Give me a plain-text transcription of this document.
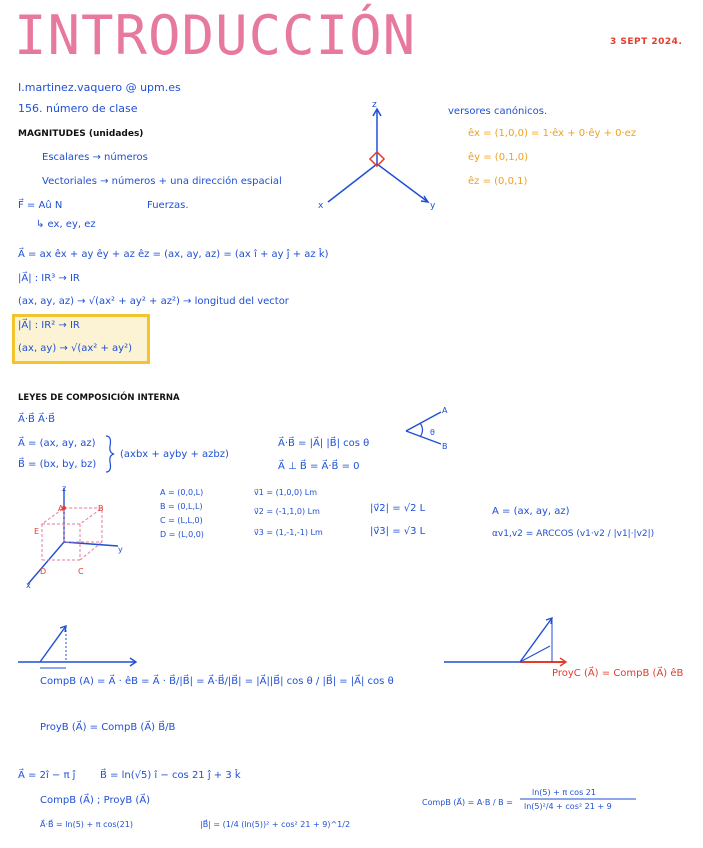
INTRODUCCIÓN	3 SEPT 2024.
I.martinez.vaquero @ upm.es
156. número de clase
MAGNITUDES (unidades)
Escalares → números
Vectoriales → números + una dirección espacial
F⃗ = Aû N	Fuerzas.
↳ ex, ey, ez
z
x	y
versores canónicos.
êx = (1,0,0) = 1·êx + 0·êy + 0·ez
êy = (0,1,0)
êz = (0,0,1)
A⃗ = ax êx + ay êy + az êz = (ax, ay, az) = (ax î + ay ĵ + az k̂)
|A⃗| : IR³ → IR
(ax, ay, az) → √(ax² + ay² + az²) → longitud del vector
|A⃗| : IR² → IR
(ax, ay) → √(ax² + ay²)
LEYES DE COMPOSICIÓN INTERNA
A⃗·B⃗ A⃗·B⃗
A⃗ = (ax, ay, az)
B⃗ = (bx, by, bz)
(axbx + ayby + azbz)
A⃗·B⃗ = |A⃗| |B⃗| cos θ
A⃗ ⊥ B⃗ = A⃗·B⃗ = 0
A
B
θ
z
A
E
B
y
x
D	C
A = (0,0,L)
B = (0,L,L)
C = (L,L,0)
D = (L,0,0)
v⃗1 = (1,0,0) Lm
v⃗2 = (-1,1,0) Lm
v⃗3 = (1,-1,-1) Lm
|v⃗2| = √2 L
|v⃗3| = √3 L
A = (ax, ay, az)
αv1,v2 = ARCCOS (v1·v2 / |v1|·|v2|)
CompB (A) = A⃗ · êB = A⃗ · B⃗/|B⃗| = A⃗·B⃗/|B⃗| = |A⃗||B⃗| cos θ / |B⃗| = |A⃗| cos θ
ProyB (A⃗) = CompB (A⃗) B⃗/B
ProyC (A⃗) = CompB (A⃗) êB
A⃗ = 2î − π ĵ B⃗ = ln(√5) î − cos 21 ĵ + 3 k̂
CompB (A⃗) ; ProyB (A⃗)
A⃗·B⃗ = ln(5) + π cos(21)	|B⃗| = (1/4 (ln(5))² + cos² 21 + 9)^1/2
CompB (A⃗) = A·B / B =
ln(5) + π cos 21
ln(5)²/4 + cos² 21 + 9
